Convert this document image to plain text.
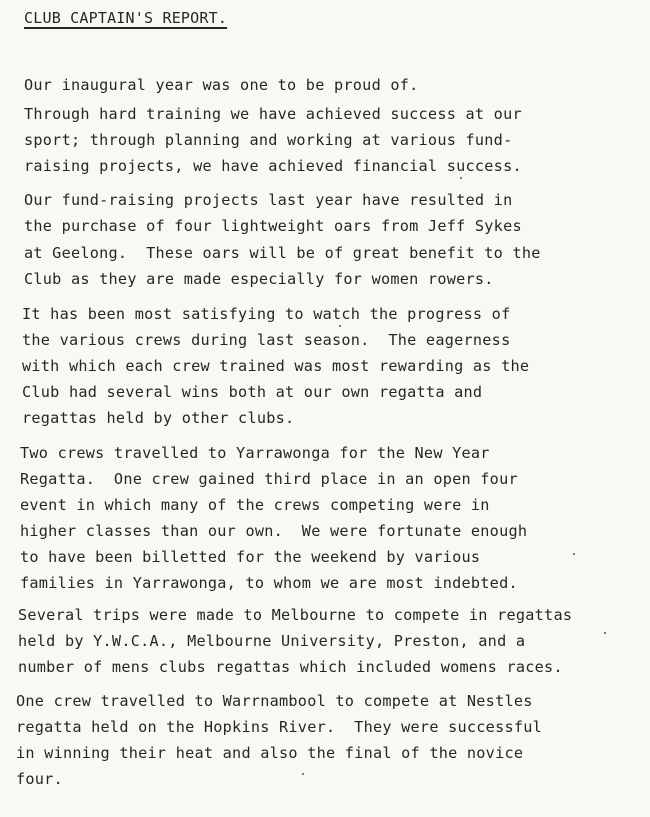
CLUB CAPTAIN'S REPORT.
Our inaugural year was one to be proud of.
Through hard training we have achieved success at our
sport; through planning and working at various fund-
raising projects, we have achieved financial success.
Our fund-raising projects last year have resulted in
the purchase of four lightweight oars from Jeff Sykes
at Geelong.  These oars will be of great benefit to the
Club as they are made especially for women rowers.
It has been most satisfying to watch the progress of
the various crews during last season.  The eagerness
with which each crew trained was most rewarding as the
Club had several wins both at our own regatta and
regattas held by other clubs.
Two crews travelled to Yarrawonga for the New Year
Regatta.  One crew gained third place in an open four
event in which many of the crews competing were in
higher classes than our own.  We were fortunate enough
to have been billetted for the weekend by various
families in Yarrawonga, to whom we are most indebted.
Several trips were made to Melbourne to compete in regattas
held by Y.W.C.A., Melbourne University, Preston, and a
number of mens clubs regattas which included womens races.
One crew travelled to Warrnambool to compete at Nestles
regatta held on the Hopkins River.  They were successful
in winning their heat and also the final of the novice
four.
